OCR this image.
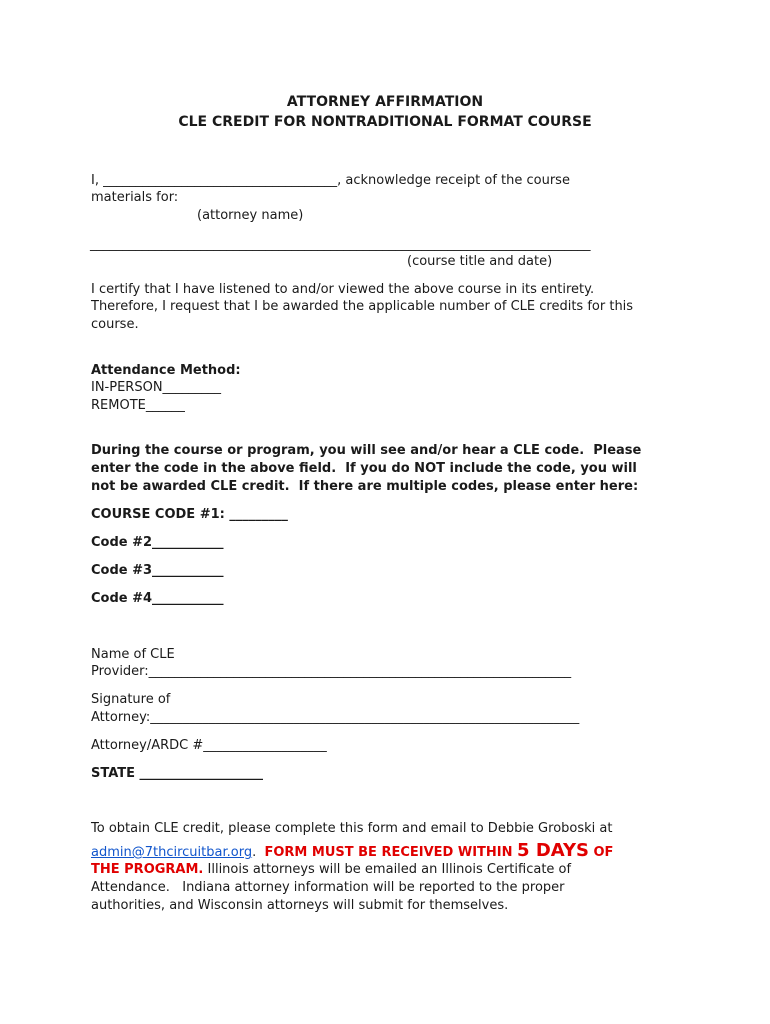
ATTORNEY AFFIRMATION
CLE CREDIT FOR NONTRADITIONAL FORMAT COURSE
I, ____________________________________, acknowledge receipt of the course
materials for:
(attorney name)
_____________________________________________________________________________
(course title and date)
I certify that I have listened to and/or viewed the above course in its entirety.
Therefore, I request that I be awarded the applicable number of CLE credits for this
course.
Attendance Method:
IN-PERSON_________
REMOTE______
During the course or program, you will see and/or hear a CLE code.  Please
enter the code in the above field.  If you do NOT include the code, you will
not be awarded CLE credit.  If there are multiple codes, please enter here:
COURSE CODE #1: _________
Code #2___________
Code #3___________
Code #4___________
Name of CLE
Provider:_________________________________________________________________
Signature of
Attorney:__________________________________________________________________
Attorney/ARDC #___________________
STATE ___________________
To obtain CLE credit, please complete this form and email to Debbie Groboski at
admin@7thcircuitbar.org.  FORM MUST BE RECEIVED WITHIN 5 DAYS OF
THE PROGRAM. Illinois attorneys will be emailed an Illinois Certificate of
Attendance.   Indiana attorney information will be reported to the proper
authorities, and Wisconsin attorneys will submit for themselves.
